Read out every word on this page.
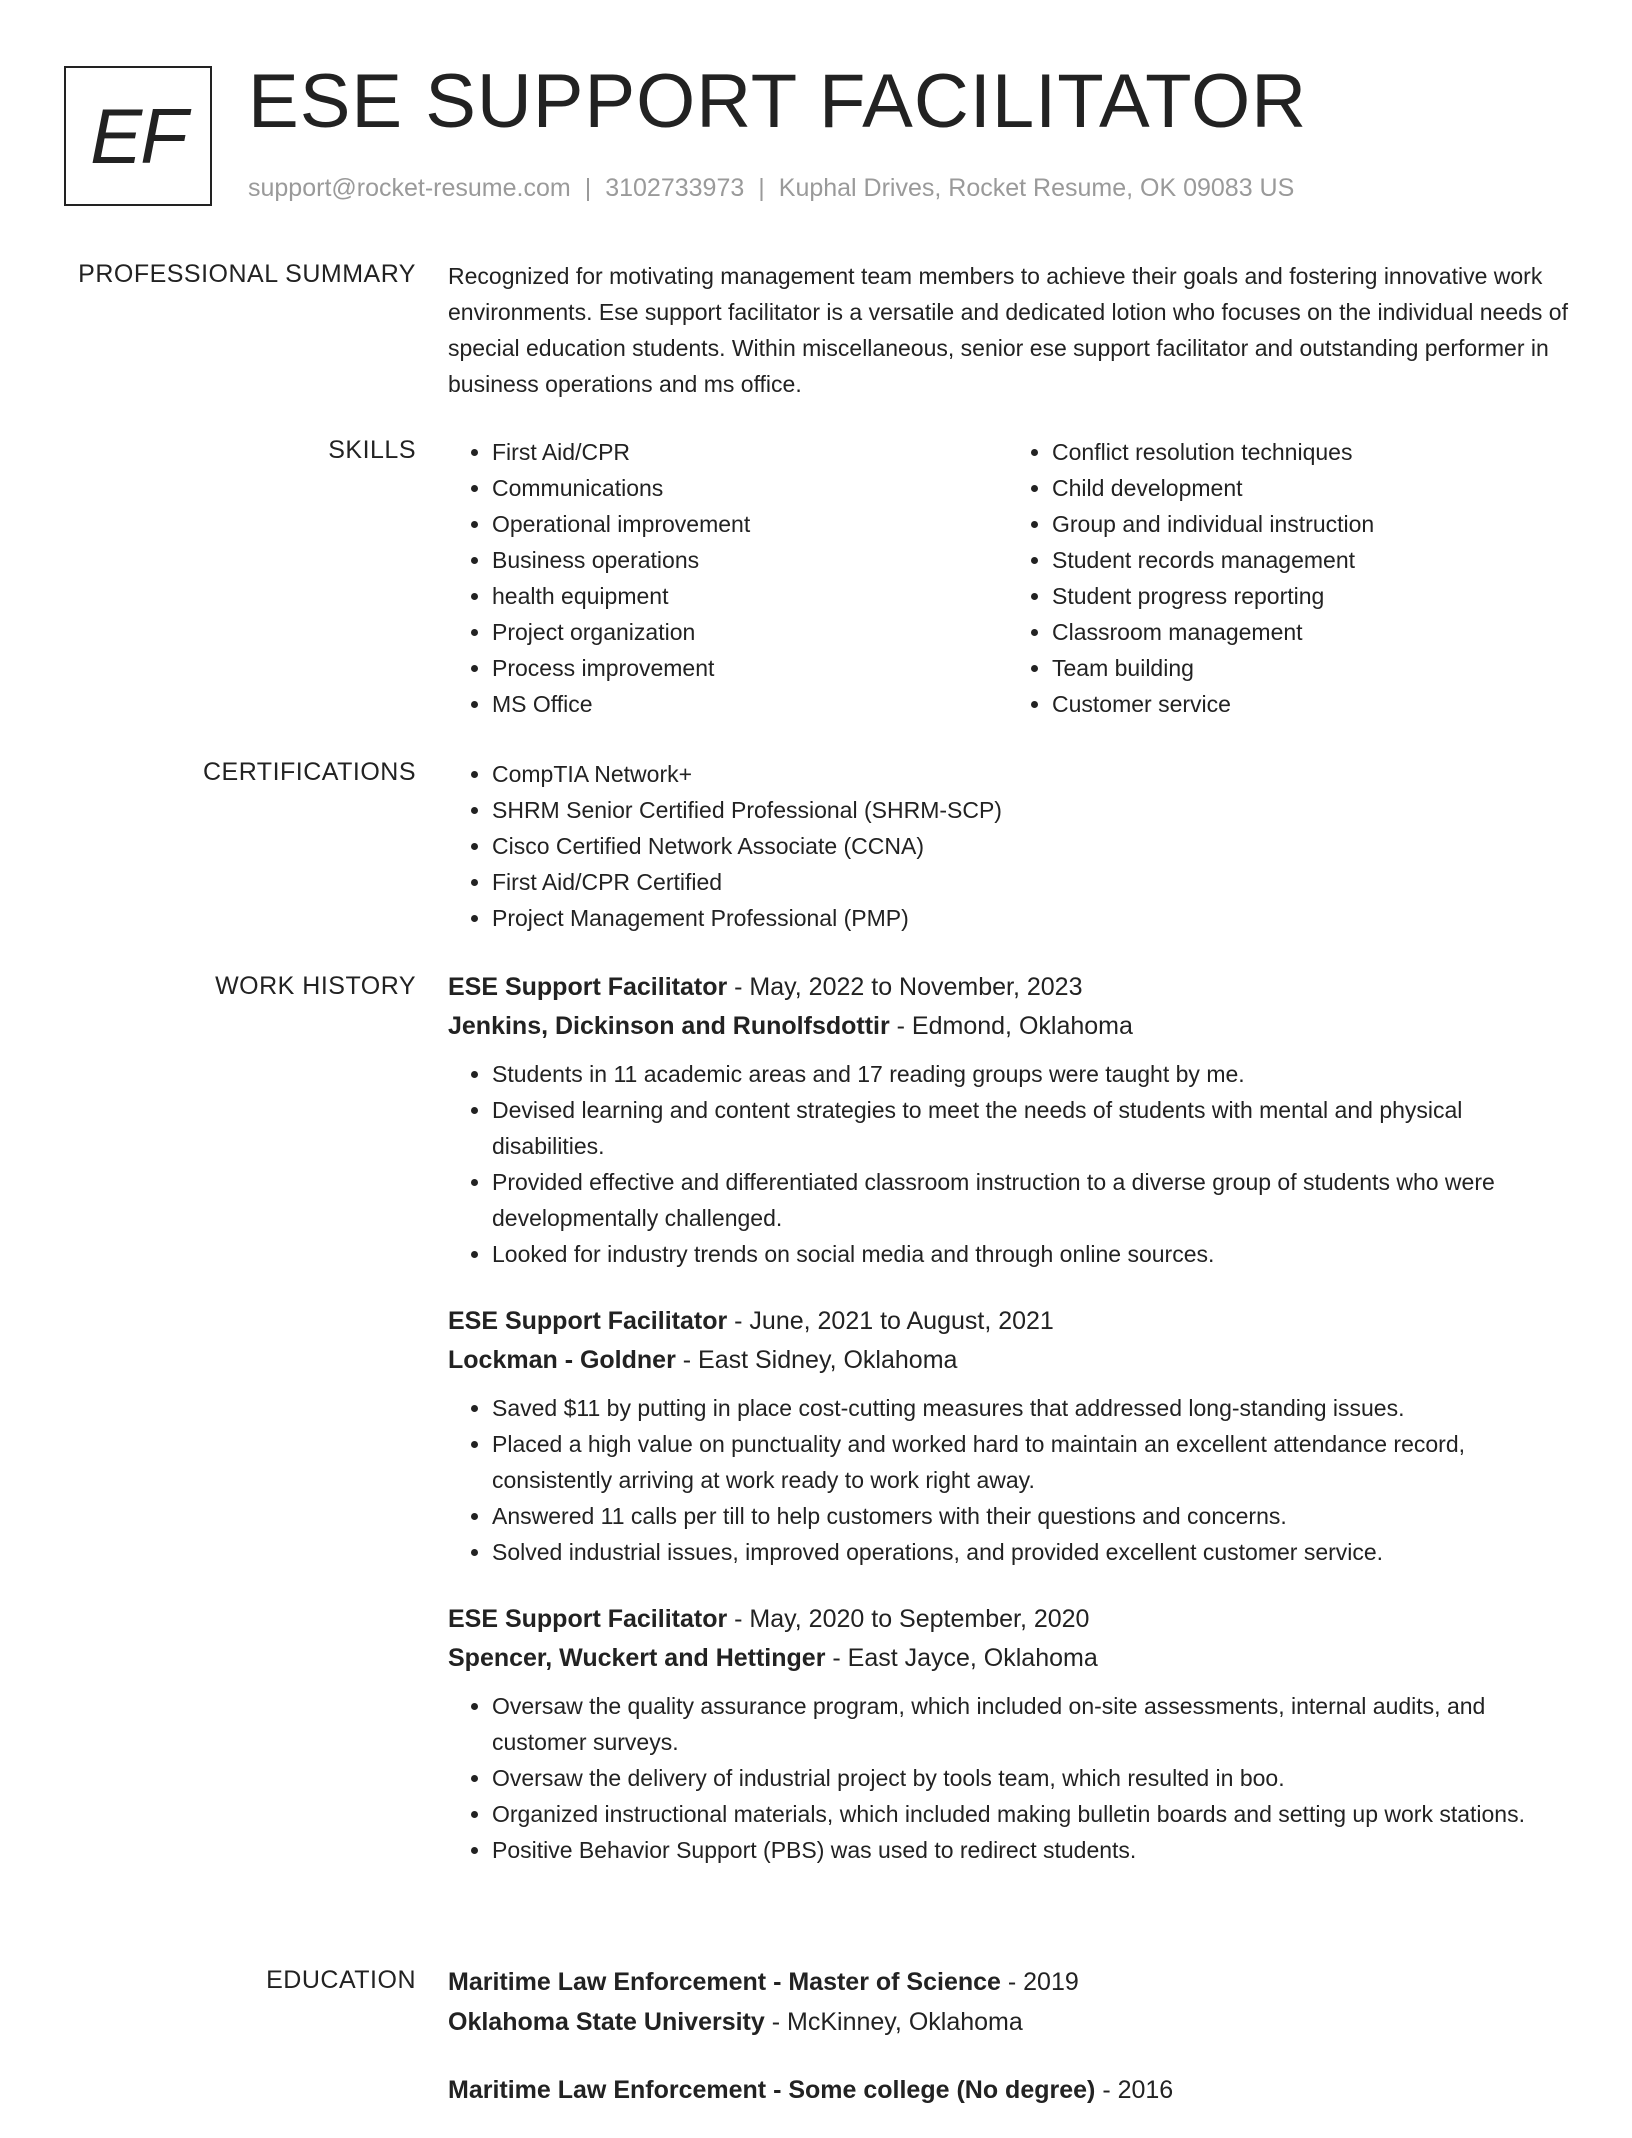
EF ESE SUPPORT FACILITATOR
support@rocket-resume.com | 3102733973 | Kuphal Drives, Rocket Resume, OK 09083 US
PROFESSIONAL SUMMARY Recognized for motivating management team members to achieve their goals and fostering innovative work environments. Ese support facilitator is a versatile and dedicated lotion who focuses on the individual needs of special education students. Within miscellaneous, senior ese support facilitator and outstanding performer in business operations and ms office.

SKILLS	• First Aid/CPR
• Communications
• Operational improvement
• Business operations
• health equipment
• Project organization
• Process improvement
• MS Office
• Conflict resolution techniques
• Child development
• Group and individual instruction
• Student records management
• Student progress reporting
• Classroom management
• Team building
• Customer service
CERTIFICATIONS	• CompTIA Network+
• SHRM Senior Certified Professional (SHRM-SCP)
• Cisco Certified Network Associate (CCNA)
• First Aid/CPR Certified
• Project Management Professional (PMP)
WORK HISTORY ESE Support Facilitator - May, 2022 to November, 2023
Jenkins, Dickinson and Runolfsdottir - Edmond, Oklahoma
• Students in 11 academic areas and 17 reading groups were taught by me.
• Devised learning and content strategies to meet the needs of students with mental and physical disabilities.
• Provided effective and differentiated classroom instruction to a diverse group of students who were developmentally challenged.
• Looked for industry trends on social media and through online sources.
ESE Support Facilitator - June, 2021 to August, 2021
Lockman - Goldner - East Sidney, Oklahoma
• Saved $11 by putting in place cost-cutting measures that addressed long-standing issues.
• Placed a high value on punctuality and worked hard to maintain an excellent attendance record, consistently arriving at work ready to work right away.
• Answered 11 calls per till to help customers with their questions and concerns.
• Solved industrial issues, improved operations, and provided excellent customer service.
ESE Support Facilitator - May, 2020 to September, 2020
Spencer, Wuckert and Hettinger - East Jayce, Oklahoma
• Oversaw the quality assurance program, which included on-site assessments, internal audits, and customer surveys.
• Oversaw the delivery of industrial project by tools team, which resulted in boo.
• Organized instructional materials, which included making bulletin boards and setting up work stations.
• Positive Behavior Support (PBS) was used to redirect students.
EDUCATION Maritime Law Enforcement - Master of Science - 2019
Oklahoma State University - McKinney, Oklahoma
Maritime Law Enforcement - Some college (No degree) - 2016
